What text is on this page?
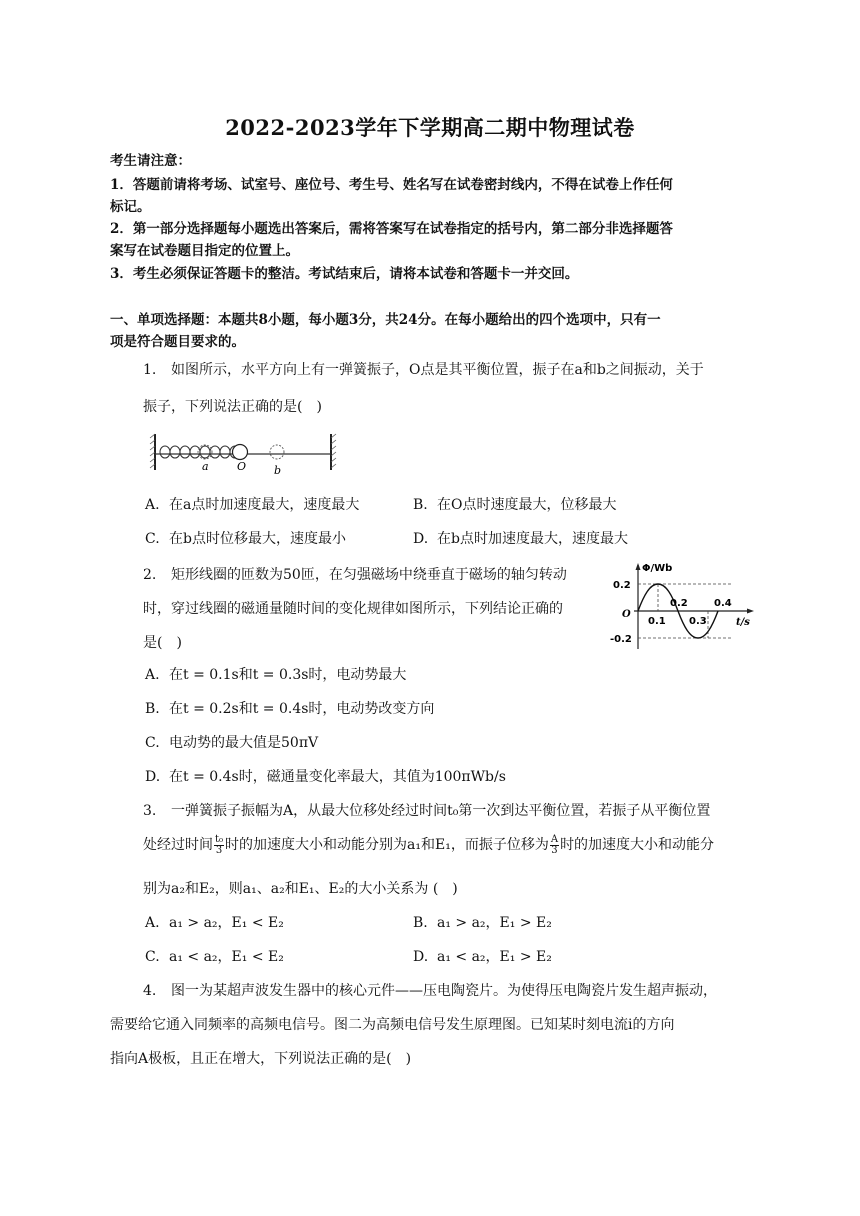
2022-2023学年下学期高二期中物理试卷
考生请注意：
1．答题前请将考场、试室号、座位号、考生号、姓名写在试卷密封线内，不得在试卷上作任何
标记。
2．第一部分选择题每小题选出答案后，需将答案写在试卷指定的括号内，第二部分非选择题答
案写在试卷题目指定的位置上。
3．考生必须保证答题卡的整洁。考试结束后，请将本试卷和答题卡一并交回。
一、单项选择题：本题共8小题，每小题3分，共24分。在每小题给出的四个选项中，只有一
项是符合题目要求的。
1. 如图所示，水平方向上有一弹簧振子，O点是其平衡位置，振子在a和b之间振动，关于
振子，下列说法正确的是(　)
a	O	b
A. 在a点时加速度最大，速度最大	B. 在O点时速度最大，位移最大
C. 在b点时位移最大，速度最小	D. 在b点时加速度最大，速度最大
2. 矩形线圈的匝数为50匝，在匀强磁场中绕垂直于磁场的轴匀转动
时，穿过线圈的磁通量随时间的变化规律如图所示，下列结论正确的
是(　)
Φ/Wb
0.2
-0.2
O
0.1 0.3
0.2	0.4
t/s
A. 在t = 0.1s和t = 0.3s时，电动势最大
B. 在t = 0.2s和t = 0.4s时，电动势改变方向
C. 电动势的最大值是50πV
D. 在t = 0.4s时，磁通量变化率最大，其值为100πWb/s
3. 一弹簧振子振幅为A，从最大位移处经过时间t₀第一次到达平衡位置，若振子从平衡位置
处经过时间 $\frac{\text{t₀}}{3}$ 时的加速度大小和动能分别为a₁和E₁，而振子位移为 $\frac{A}{3}$ 时的加速度大小和动能分
别为a₂和E₂，则a₁、a₂和E₁、E₂的大小关系为 (　)
A. a₁ > a₂，E₁ < E₂	B. a₁ > a₂，E₁ > E₂
C. a₁ < a₂，E₁ < E₂	D. a₁ < a₂，E₁ > E₂
4. 图一为某超声波发生器中的核心元件——压电陶瓷片。为使得压电陶瓷片发生超声振动，
需要给它通入同频率的高频电信号。图二为高频电信号发生原理图。已知某时刻电流i的方向
指向A极板，且正在增大，下列说法正确的是(　)
